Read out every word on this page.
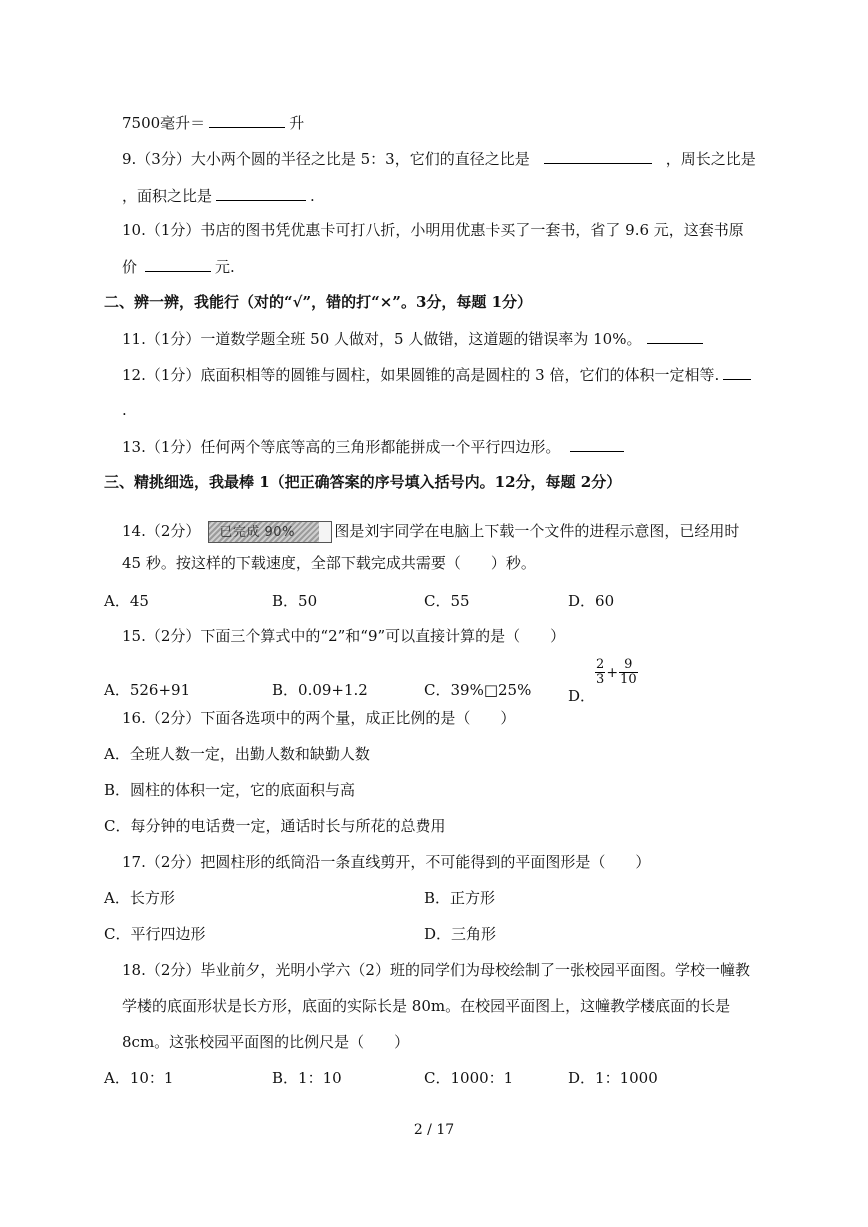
7500毫升＝	升
9.（3分）大小两个圆的半径之比是 5：3，它们的直径之比是	，周长之比是
，面积之比是	.
10.（1分）书店的图书凭优惠卡可打八折，小明用优惠卡买了一套书，省了 9.6 元，这套书原
价	元.
二、辨一辨，我能行（对的“√”，错的打“×”。3分，每题 1分）
11.（1分）一道数学题全班 50 人做对，5 人做错，这道题的错误率为 10%。
12.（1分）底面积相等的圆锥与圆柱，如果圆锥的高是圆柱的 3 倍，它们的体积一定相等.
.
13.（1分）任何两个等底等高的三角形都能拼成一个平行四边形。
三、精挑细选，我最棒 1（把正确答案的序号填入括号内。12分，每题 2分）
14.（2分） 已完成 90%	图是刘宇同学在电脑上下载一个文件的进程示意图，已经用时
45 秒。按这样的下载速度，全部下载完成共需要（　　）秒。
A．45	B．50	C．55	D．60
15.（2分）下面三个算式中的“2”和“9”可以直接计算的是（　　）
A．526+91	B．0.09+1.2	C．39%□25% D．
$\frac{2}{3} + \frac{9}{10}$
16.（2分）下面各选项中的两个量，成正比例的是（　　）
A．全班人数一定，出勤人数和缺勤人数
B．圆柱的体积一定，它的底面积与高
C．每分钟的电话费一定，通话时长与所花的总费用
17.（2分）把圆柱形的纸筒沿一条直线剪开，不可能得到的平面图形是（　　）
A．长方形	B．正方形
C．平行四边形	D．三角形
18.（2分）毕业前夕，光明小学六（2）班的同学们为母校绘制了一张校园平面图。学校一幢教
学楼的底面形状是长方形，底面的实际长是 80m。在校园平面图上，这幢教学楼底面的长是
8cm。这张校园平面图的比例尺是（　　）
A．10：1	B．1：10	C．1000：1	D．1：1000
2 / 17
